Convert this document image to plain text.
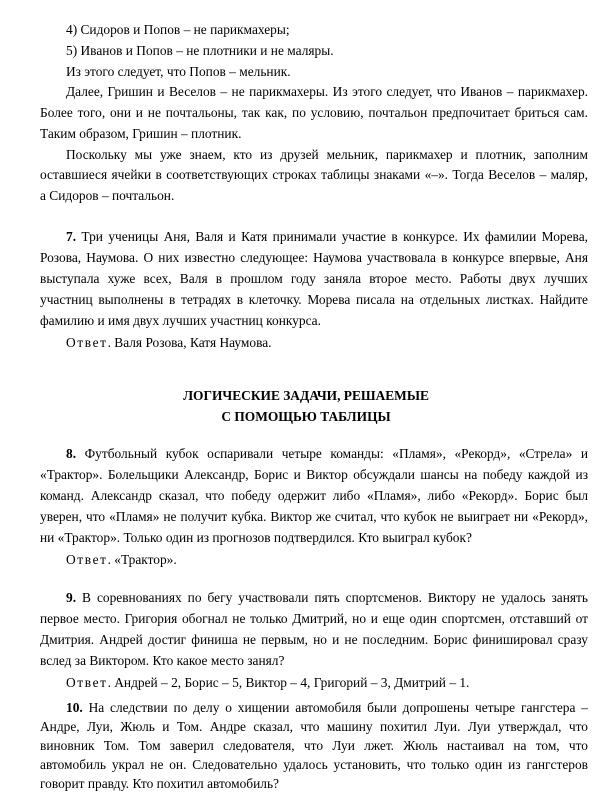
4) Сидоров и Попов – не парикмахеры;
5) Иванов и Попов – не плотники и не маляры.
Из этого следует, что Попов – мельник.
Далее, Гришин и Веселов – не парикмахеры. Из этого следует, что Иванов – парикмахер.
Более того, они и не почтальоны, так как, по условию, почтальон предпочитает бриться сам.
Таким образом, Гришин – плотник.
Поскольку мы уже знаем, кто из друзей мельник, парикмахер и плотник, заполним
оставшиеся ячейки в соответствующих строках таблицы знаками «–». Тогда Веселов – маляр,
а Сидоров – почтальон.
7. Три ученицы Аня, Валя и Катя принимали участие в конкурсе. Их фамилии Морева,
Розова, Наумова. О них известно следующее: Наумова участвовала в конкурсе впервые, Аня
выступала хуже всех, Валя в прошлом году заняла второе место. Работы двух лучших
участниц выполнены в тетрадях в клеточку. Морева писала на отдельных листках. Найдите
фамилию и имя двух лучших участниц конкурса.
Ответ. Валя Розова, Катя Наумова.
ЛОГИЧЕСКИЕ ЗАДАЧИ, РЕШАЕМЫЕ
С ПОМОЩЬЮ ТАБЛИЦЫ
8. Футбольный кубок оспаривали четыре команды: «Пламя», «Рекорд», «Стрела» и
«Трактор». Болельщики Александр, Борис и Виктор обсуждали шансы на победу каждой из
команд. Александр сказал, что победу одержит либо «Пламя», либо «Рекорд». Борис был
уверен, что «Пламя» не получит кубка. Виктор же считал, что кубок не выиграет ни «Рекорд»,
ни «Трактор». Только один из прогнозов подтвердился. Кто выиграл кубок?
Ответ. «Трактор».
9. В соревнованиях по бегу участвовали пять спортсменов. Виктору не удалось занять
первое место. Григория обогнал не только Дмитрий, но и еще один спортсмен, отставший от
Дмитрия. Андрей достиг финиша не первым, но и не последним. Борис финишировал сразу
вслед за Виктором. Кто какое место занял?
Ответ. Андрей – 2, Борис – 5, Виктор – 4, Григорий – 3, Дмитрий – 1.
10. На следствии по делу о хищении автомобиля были допрошены четыре гангстера –
Андре, Луи, Жюль и Том. Андре сказал, что машину похитил Луи. Луи утверждал, что
виновник Том. Том заверил следователя, что Луи лжет. Жюль настаивал на том, что
автомобиль украл не он. Следовательно удалось установить, что только один из гангстеров
говорит правду. Кто похитил автомобиль?
